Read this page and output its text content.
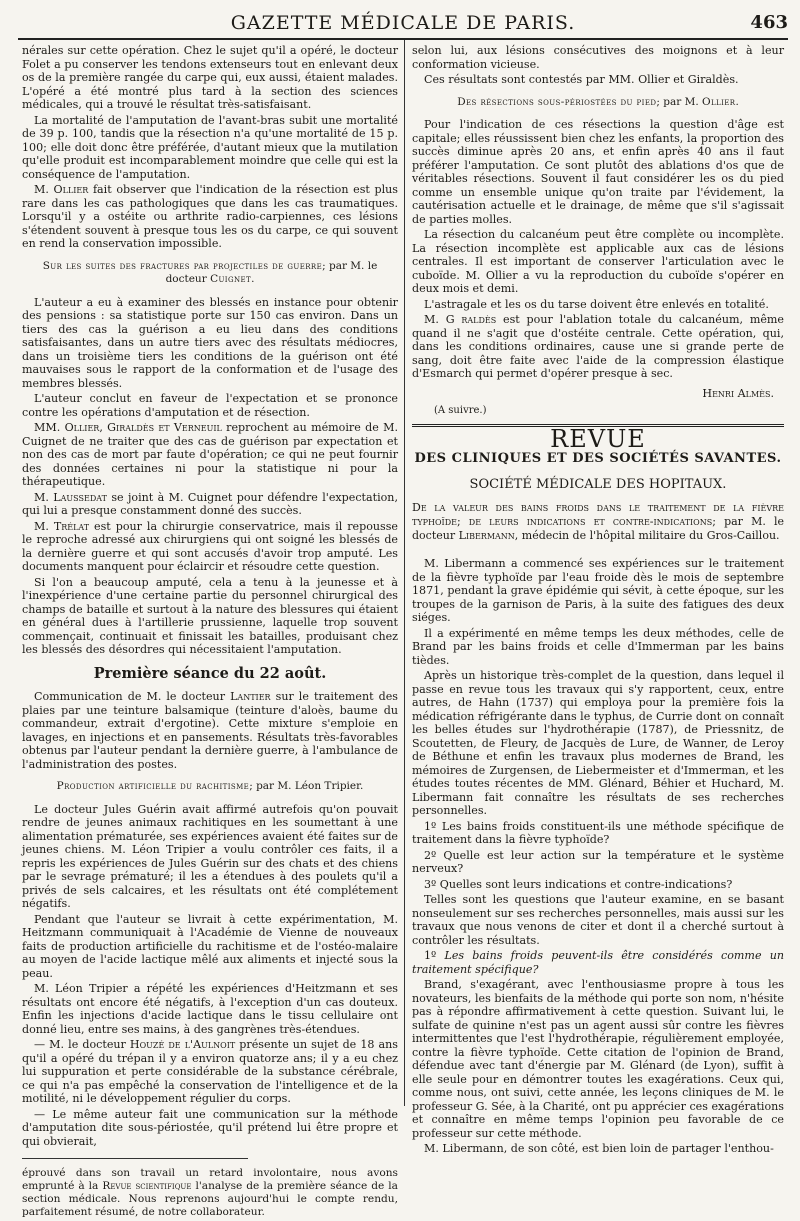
GAZETTE MÉDICALE DE PARIS.	463

nérales sur cette opération. Chez le sujet qu'il a opéré, le docteur Folet a pu conserver les tendons extenseurs tout en enlevant deux os de la première rangée du carpe qui, eux aussi, étaient malades. L'opéré a été montré plus tard à la section des sciences médicales, qui a trouvé le résultat très-satisfaisant.

La mortalité de l'amputation de l'avant-bras subit une mortalité de 39 p. 100, tandis que la résection n'a qu'une mortalité de 15 p. 100; elle doit donc être préférée, d'autant mieux que la mutilation qu'elle produit est incomparablement moindre que celle qui est la conséquence de l'amputation.

M. Ollier fait observer que l'indication de la résection est plus rare dans les cas pathologiques que dans les cas traumatiques. Lorsqu'il y a ostéite ou arthrite radio-carpiennes, ces lésions s'étendent souvent à presque tous les os du carpe, ce qui souvent en rend la conservation impossible.

Sur les suites des fractures par projectiles de guerre; par M. le docteur Cuignet.

L'auteur a eu à examiner des blessés en instance pour obtenir des pensions : sa statistique porte sur 150 cas environ. Dans un tiers des cas la guérison a eu lieu dans des conditions satisfaisantes, dans un autre tiers avec des résultats médiocres, dans un troisième tiers les conditions de la guérison ont été mauvaises sous le rapport de la conformation et de l'usage des membres blessés.

L'auteur conclut en faveur de l'expectation et se prononce contre les opérations d'amputation et de résection.

MM. Ollier, Giraldès et Verneuil reprochent au mémoire de M. Cuignet de ne traiter que des cas de guérison par expectation et non des cas de mort par faute d'opération; ce qui ne peut fournir des données certaines ni pour la statistique ni pour la thérapeutique.

M. Laussedat se joint à M. Cuignet pour défendre l'expectation, qui lui a presque constamment donné des succès.

M. Trélat est pour la chirurgie conservatrice, mais il repousse le reproche adressé aux chirurgiens qui ont soigné les blessés de la dernière guerre et qui sont accusés d'avoir trop amputé. Les documents manquent pour éclaircir et résoudre cette question.

Si l'on a beaucoup amputé, cela a tenu à la jeunesse et à l'inexpérience d'une certaine partie du personnel chirurgical des champs de bataille et surtout à la nature des blessures qui étaient en général dues à l'artillerie prussienne, laquelle trop souvent commençait, continuait et finissait les batailles, produisant chez les blessés des désordres qui nécessitaient l'amputation.

Première séance du 22 août.

Communication de M. le docteur Lantier sur le traitement des plaies par une teinture balsamique (teinture d'aloès, baume du commandeur, extrait d'ergotine). Cette mixture s'emploie en lavages, en injections et en pansements. Résultats très-favorables obtenus par l'auteur pendant la dernière guerre, à l'ambulance de l'administration des postes.

Production artificielle du rachitisme; par M. Léon Tripier.

Le docteur Jules Guérin avait affirmé autrefois qu'on pouvait rendre de jeunes animaux rachitiques en les soumettant à une alimentation prématurée, ses expériences avaient été faites sur de jeunes chiens. M. Léon Tripier a voulu contrôler ces faits, il a repris les expériences de Jules Guérin sur des chats et des chiens par le sevrage prématuré; il les a étendues à des poulets qu'il a privés de sels calcaires, et les résultats ont été complétement négatifs.

Pendant que l'auteur se livrait à cette expérimentation, M. Heitzmann communiquait à l'Académie de Vienne de nouveaux faits de production artificielle du rachitisme et de l'ostéo-malaire au moyen de l'acide lactique mêlé aux aliments et injecté sous la peau.

M. Léon Tripier a répété les expériences d'Heitzmann et ses résultats ont encore été négatifs, à l'exception d'un cas douteux. Enfin les injections d'acide lactique dans le tissu cellulaire ont donné lieu, entre ses mains, à des gangrènes très-étendues.

— M. le docteur Houzé de l'Aulnoit présente un sujet de 18 ans qu'il a opéré du trépan il y a environ quatorze ans; il y a eu chez lui suppuration et perte considérable de la substance cérébrale, ce qui n'a pas empêché la conservation de l'intelligence et de la motilité, ni le développement régulier du corps.

— Le même auteur fait une communication sur la méthode d'amputation dite sous-périostée, qu'il prétend lui être propre et qui obvierait,

éprouvé dans son travail un retard involontaire, nous avons emprunté à la Revue scientifique l'analyse de la première séance de la section médicale. Nous reprenons aujourd'hui le compte rendu, parfaitement résumé, de notre collaborateur.

selon lui, aux lésions consécutives des moignons et à leur conformation vicieuse.

Ces résultats sont contestés par MM. Ollier et Giraldès.

Des résections sous-périostées du pied; par M. Ollier.

Pour l'indication de ces résections la question d'âge est capitale; elles réussissent bien chez les enfants, la proportion des succès diminue après 20 ans, et enfin après 40 ans il faut préférer l'amputation. Ce sont plutôt des ablations d'os que de véritables résections. Souvent il faut considérer les os du pied comme un ensemble unique qu'on traite par l'évidement, la cautérisation actuelle et le drainage, de même que s'il s'agissait de parties molles.

La résection du calcanéum peut être complète ou incomplète. La résection incomplète est applicable aux cas de lésions centrales. Il est important de conserver l'articulation avec le cuboïde. M. Ollier a vu la reproduction du cuboïde s'opérer en deux mois et demi.

L'astragale et les os du tarse doivent être enlevés en totalité.

M. G raldès est pour l'ablation totale du calcanéum, même quand il ne s'agit que d'ostéite centrale. Cette opération, qui, dans les conditions ordinaires, cause une si grande perte de sang, doit être faite avec l'aide de la compression élastique d'Esmarch qui permet d'opérer presque à sec.

Henri Almès.
(A suivre.)
REVUE
DES CLINIQUES ET DES SOCIÉTÉS SAVANTES.
SOCIÉTÉ MÉDICALE DES HOPITAUX.
De la valeur des bains froids dans le traitement de la fièvre typhoïde; de leurs indications et contre-indications; par M. le docteur Libermann, médecin de l'hôpital militaire du Gros-Caillou.

M. Libermann a commencé ses expériences sur le traitement de la fièvre typhoïde par l'eau froide dès le mois de septembre 1871, pendant la grave épidémie qui sévit, à cette époque, sur les troupes de la garnison de Paris, à la suite des fatigues des deux siéges.

Il a expérimenté en même temps les deux méthodes, celle de Brand par les bains froids et celle d'Immerman par les bains tièdes.

Après un historique très-complet de la question, dans lequel il passe en revue tous les travaux qui s'y rapportent, ceux, entre autres, de Hahn (1737) qui employa pour la première fois la médication réfrigérante dans le typhus, de Currie dont on connaît les belles études sur l'hydrothérapie (1787), de Priessnitz, de Scoutetten, de Fleury, de Jacquès de Lure, de Wanner, de Leroy de Béthune et enfin les travaux plus modernes de Brand, les mémoires de Zurgensen, de Liebermeister et d'Immerman, et les études toutes récentes de MM. Glénard, Béhier et Huchard, M. Libermann fait connaître les résultats de ses recherches personnelles.

1º Les bains froids constituent-ils une méthode spécifique de traitement dans la fièvre typhoïde?

2º Quelle est leur action sur la température et le système nerveux?

3º Quelles sont leurs indications et contre-indications?

Telles sont les questions que l'auteur examine, en se basant nonseulement sur ses recherches personnelles, mais aussi sur les travaux que nous venons de citer et dont il a cherché surtout à contrôler les résultats.

1º Les bains froids peuvent-ils être considérés comme un traitement spécifique?

Brand, s'exagérant, avec l'enthousiasme propre à tous les novateurs, les bienfaits de la méthode qui porte son nom, n'hésite pas à répondre affirmativement à cette question. Suivant lui, le sulfate de quinine n'est pas un agent aussi sûr contre les fièvres intermittentes que l'est l'hydrothérapie, régulièrement employée, contre la fièvre typhoïde. Cette citation de l'opinion de Brand, défendue avec tant d'énergie par M. Glénard (de Lyon), suffit à elle seule pour en démontrer toutes les exagérations. Ceux qui, comme nous, ont suivi, cette année, les leçons cliniques de M. le professeur G. Sée, à la Charité, ont pu apprécier ces exagérations et connaître en même temps l'opinion peu favorable de ce professeur sur cette méthode.

M. Libermann, de son côté, est bien loin de partager l'enthou-
